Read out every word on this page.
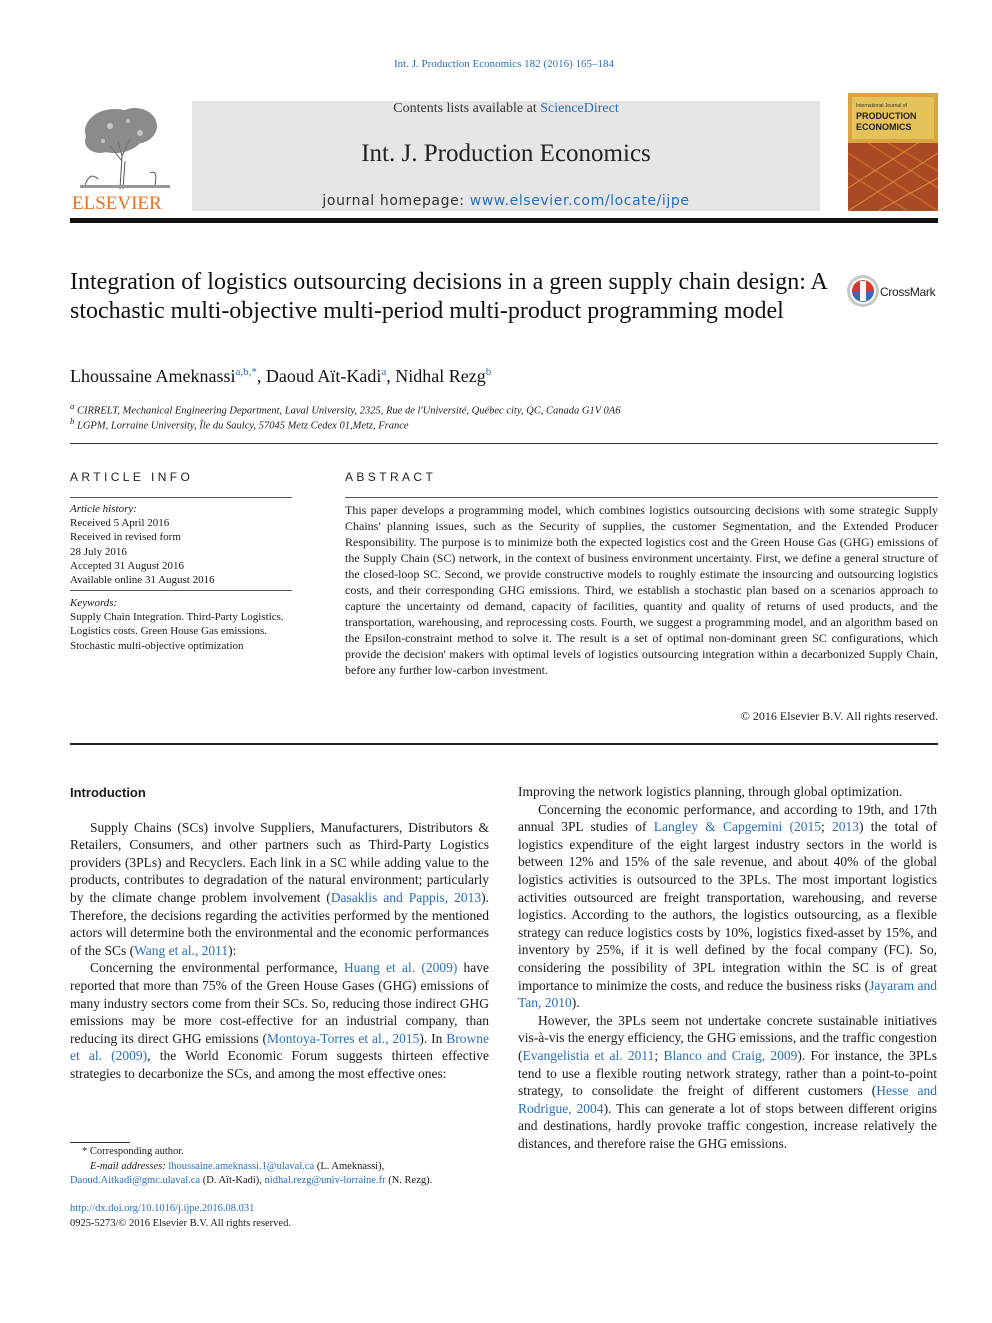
Int. J. Production Economics 182 (2016) 165–184
ELSEVIER
Contents lists available at ScienceDirect
Int. J. Production Economics
journal homepage: www.elsevier.com/locate/ijpe
International Journal of
PRODUCTION
ECONOMICS
Integration of logistics outsourcing decisions in a green supply chain design: A stochastic multi-objective multi-period multi-product programming model
CrossMark
Lhoussaine Ameknassi$^{a,b,*}$, Daoud Aït-Kadi$^a$, Nidhal Rezg$^b$
$^a$ CIRRELT, Mechanical Engineering Department, Laval University, 2325, Rue de l'Université, Québec city, QC, Canada G1V 0A6
$^b$ LGPM, Lorraine University, Île du Saulcy, 57045 Metz Cedex 01,Metz, France
ARTICLE INFO	ABSTRACT
Article history:
Received 5 April 2016
Received in revised form
28 July 2016
Accepted 31 August 2016
Available online 31 August 2016
Keywords:
Supply Chain Integration. Third-Party Logistics. Logistics costs. Green House Gas emissions. Stochastic multi-objective optimization
This paper develops a programming model, which combines logistics outsourcing decisions with some strategic Supply Chains' planning issues, such as the Security of supplies, the customer Segmentation, and the Extended Producer Responsibility. The purpose is to minimize both the expected logistics cost and the Green House Gas (GHG) emissions of the Supply Chain (SC) network, in the context of business environment uncertainty. First, we define a general structure of the closed-loop SC. Second, we provide constructive models to roughly estimate the insourcing and outsourcing logistics costs, and their corresponding GHG emissions. Third, we establish a stochastic plan based on a scenarios approach to capture the uncertainty od demand, capacity of facilities, quantity and quality of returns of used products, and the transportation, warehousing, and reprocessing costs. Fourth, we suggest a programming model, and an algorithm based on the Epsilon-constraint method to solve it. The result is a set of optimal non-dominant green SC configurations, which provide the decision' makers with optimal levels of logistics outsourcing integration within a decarbonized Supply Chain, before any further low-carbon investment.
© 2016 Elsevier B.V. All rights reserved.

Introduction

Supply Chains (SCs) involve Suppliers, Manufacturers, Distributors & Retailers, Consumers, and other partners such as Third-Party Logistics providers (3PLs) and Recyclers. Each link in a SC while adding value to the products, contributes to degradation of the natural environment; particularly by the climate change problem involvement (Dasaklis and Pappis, 2013). Therefore, the decisions regarding the activities performed by the mentioned actors will determine both the environmental and the economic performances of the SCs (Wang et al., 2011):

Concerning the environmental performance, Huang et al. (2009) have reported that more than 75% of the Green House Gases (GHG) emissions of many industry sectors come from their SCs. So, reducing those indirect GHG emissions may be more cost-effective for an industrial company, than reducing its direct GHG emissions (Montoya-Torres et al., 2015). In Browne et al. (2009), the World Economic Forum suggests thirteen effective strategies to decarbonize the SCs, and among the most effective ones:

Improving the network logistics planning, through global optimization.

Concerning the economic performance, and according to 19th, and 17th annual 3PL studies of Langley & Capgemini (2015; 2013) the total of logistics expenditure of the eight largest industry sectors in the world is between 12% and 15% of the sale revenue, and about 40% of the global logistics activities is outsourced to the 3PLs. The most important logistics activities outsourced are freight transportation, warehousing, and reverse logistics. According to the authors, the logistics outsourcing, as a flexible strategy can reduce logistics costs by 10%, logistics fixed-asset by 15%, and inventory by 25%, if it is well defined by the focal company (FC). So, considering the possibility of 3PL integration within the SC is of great importance to minimize the costs, and reduce the business risks (Jayaram and Tan, 2010).

However, the 3PLs seem not undertake concrete sustainable initiatives vis-à-vis the energy efficiency, the GHG emissions, and the traffic congestion (Evangelistia et al. 2011; Blanco and Craig, 2009). For instance, the 3PLs tend to use a flexible routing network strategy, rather than a point-to-point strategy, to consolidate the freight of different customers (Hesse and Rodrigue, 2004). This can generate a lot of stops between different origins and destinations, hardly provoke traffic congestion, increase relatively the distances, and therefore raise the GHG emissions.

* Corresponding author.
E-mail addresses: lhoussaine.ameknassi.1@ulaval.ca (L. Ameknassi),
Daoud.Aitkadi@gmc.ulaval.ca (D. Aït-Kadi), nidhal.rezg@univ-lorraine.fr (N. Rezg).
http://dx.doi.org/10.1016/j.ijpe.2016.08.031
0925-5273/© 2016 Elsevier B.V. All rights reserved.
